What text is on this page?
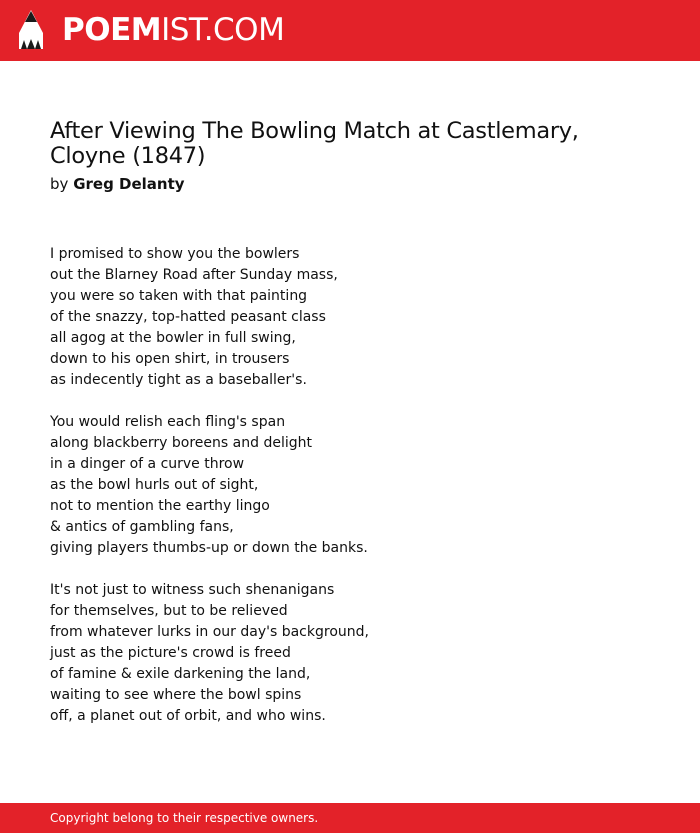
POEMIST.COM
After Viewing The Bowling Match at Castlemary, Cloyne (1847)
by Greg Delanty
I promised to show you the bowlers
out the Blarney Road after Sunday mass,
you were so taken with that painting
of the snazzy, top-hatted peasant class
all agog at the bowler in full swing,
down to his open shirt, in trousers
as indecently tight as a baseballer's.
You would relish each fling's span
along blackberry boreens and delight
in a dinger of a curve throw
as the bowl hurls out of sight,
not to mention the earthy lingo
& antics of gambling fans,
giving players thumbs-up or down the banks.
It's not just to witness such shenanigans
for themselves, but to be relieved
from whatever lurks in our day's background,
just as the picture's crowd is freed
of famine & exile darkening the land,
waiting to see where the bowl spins
off, a planet out of orbit, and who wins.
Copyright belong to their respective owners.
